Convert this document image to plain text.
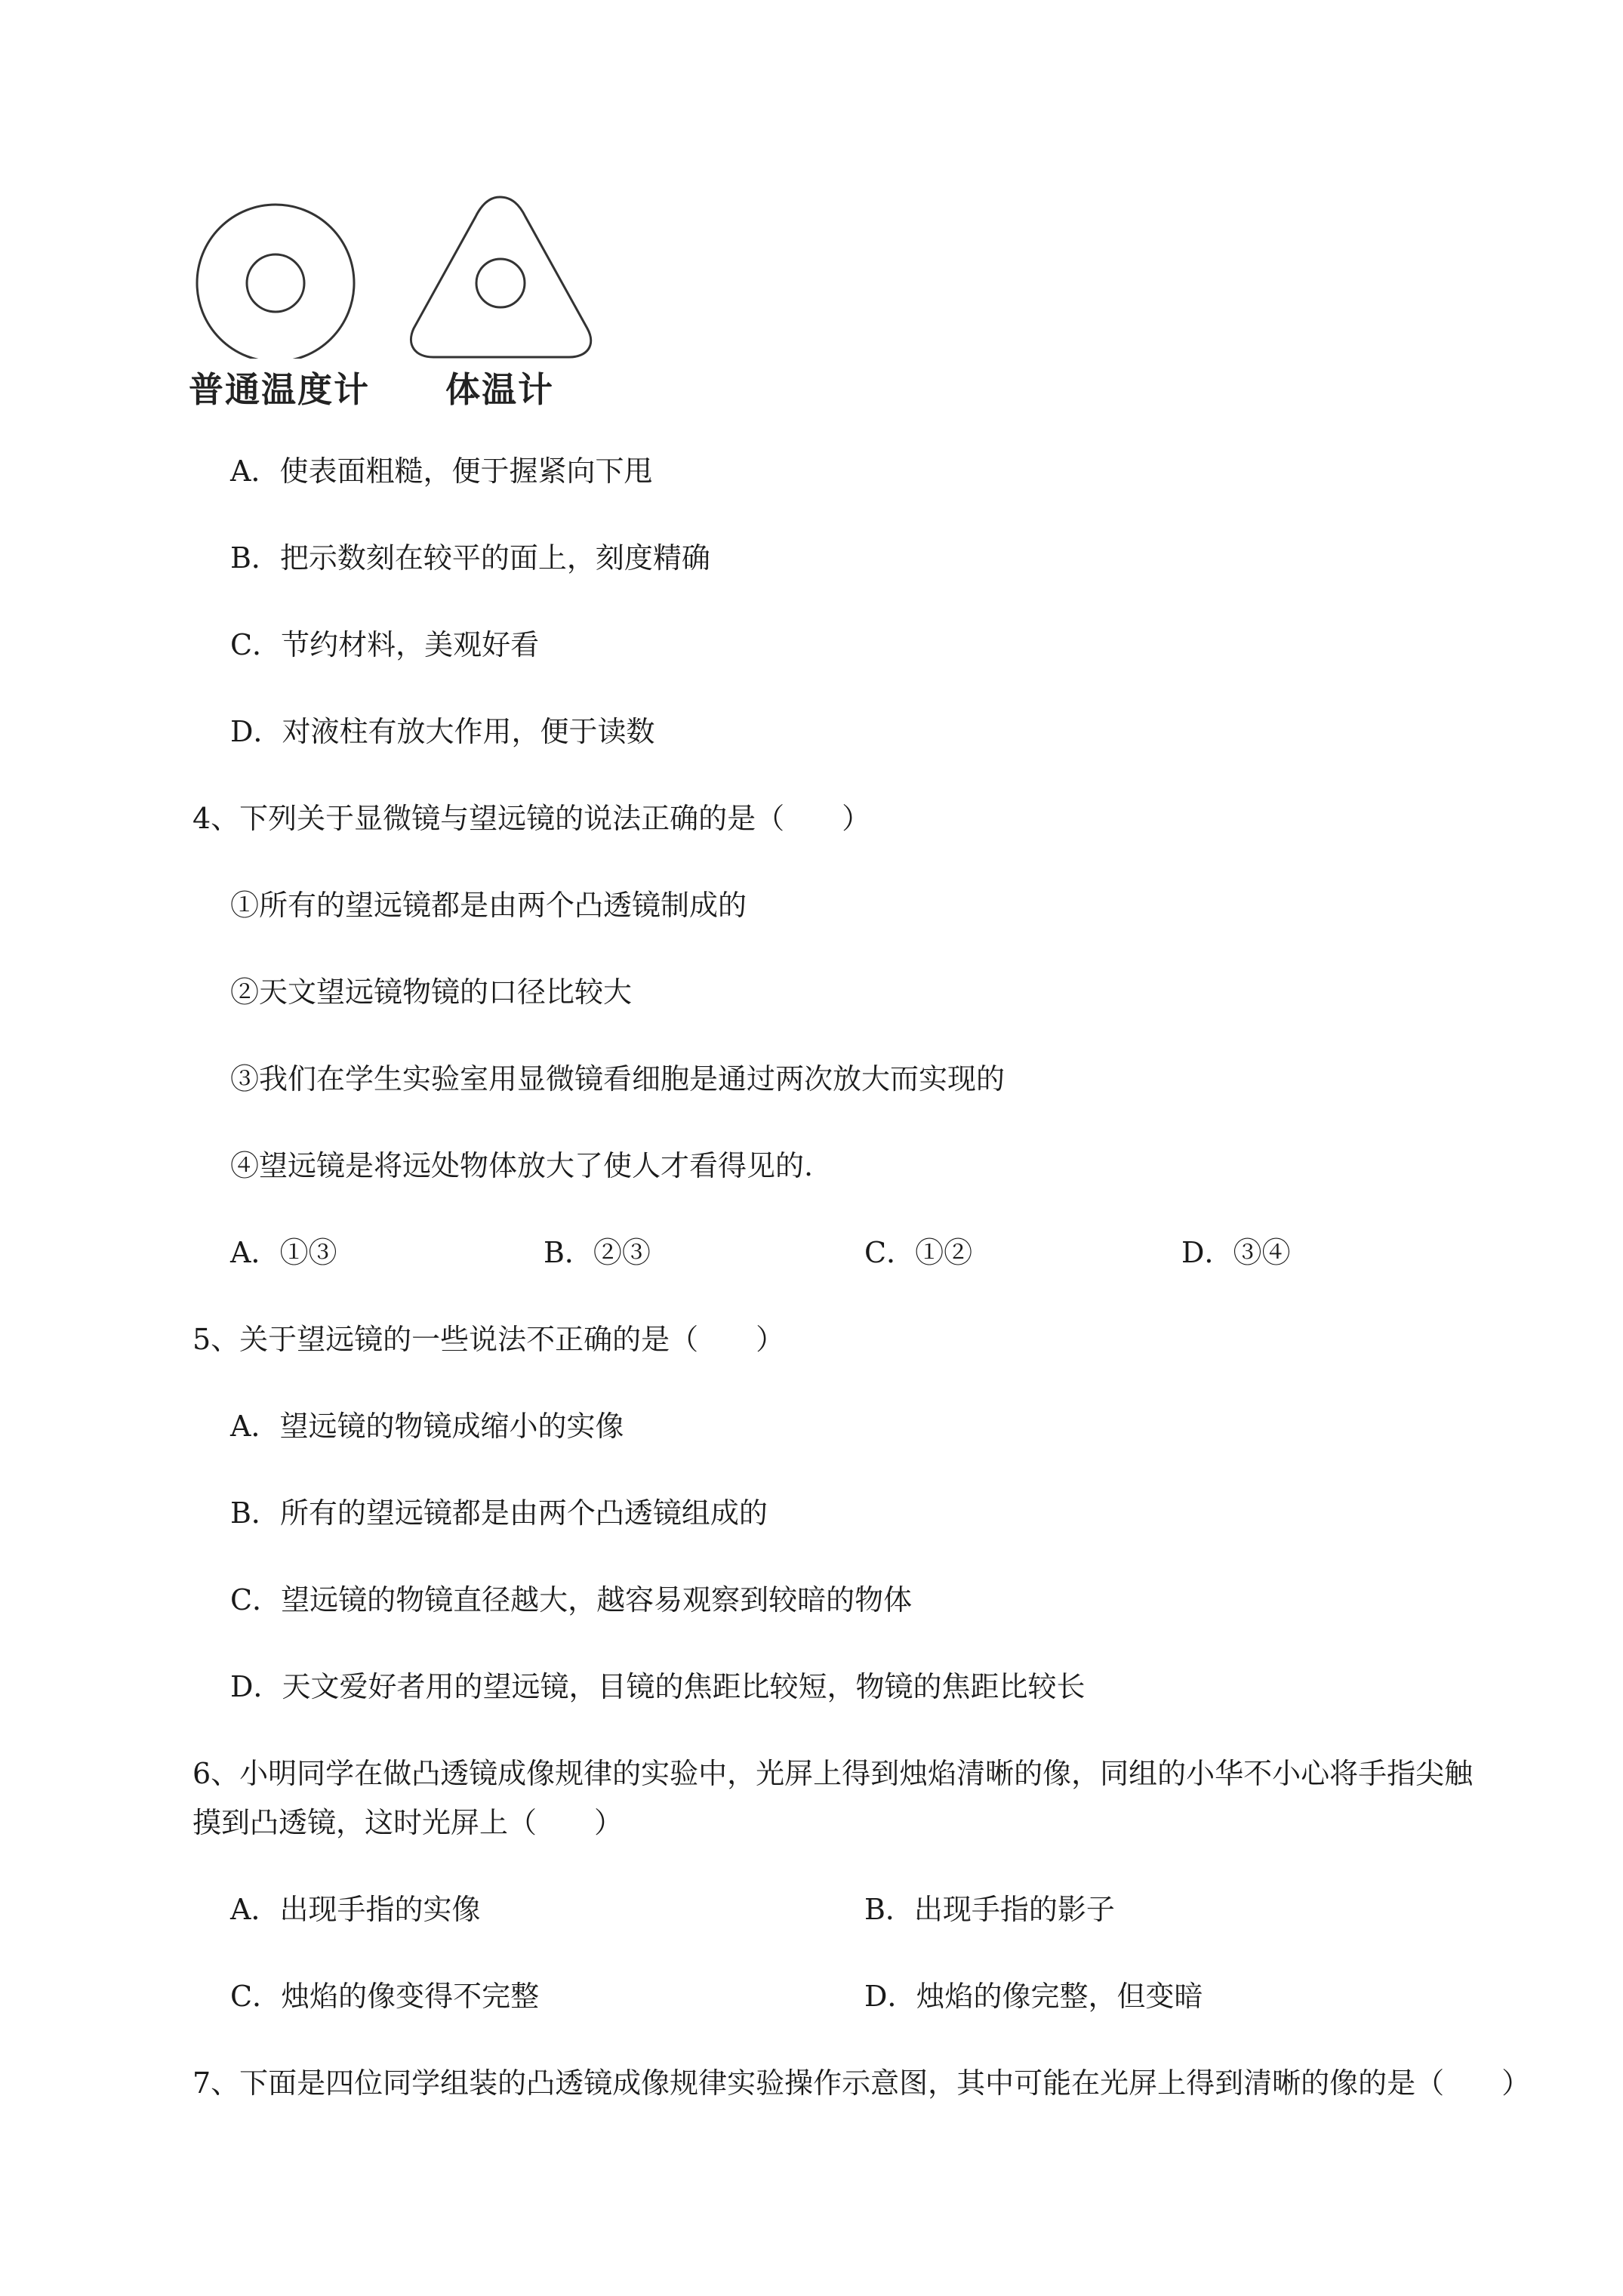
普通温度计 体温计
A．使表面粗糙，便于握紧向下甩
B．把示数刻在较平的面上，刻度精确
C．节约材料，美观好看
D．对液柱有放大作用，便于读数
4、下列关于显微镜与望远镜的说法正确的是（　　）
①所有的望远镜都是由两个凸透镜制成的
②天文望远镜物镜的口径比较大
③我们在学生实验室用显微镜看细胞是通过两次放大而实现的
④望远镜是将远处物体放大了使人才看得见的.
A．①③	B．②③	C．①②	D．③④
5、关于望远镜的一些说法不正确的是（　　）
A．望远镜的物镜成缩小的实像
B．所有的望远镜都是由两个凸透镜组成的
C．望远镜的物镜直径越大，越容易观察到较暗的物体
D．天文爱好者用的望远镜，目镜的焦距比较短，物镜的焦距比较长
6、小明同学在做凸透镜成像规律的实验中，光屏上得到烛焰清晰的像，同组的小华不小心将手指尖触
摸到凸透镜，这时光屏上（　　）
A．出现手指的实像	B．出现手指的影子
C．烛焰的像变得不完整	D．烛焰的像完整，但变暗
7、下面是四位同学组装的凸透镜成像规律实验操作示意图，其中可能在光屏上得到清晰的像的是（　　）
